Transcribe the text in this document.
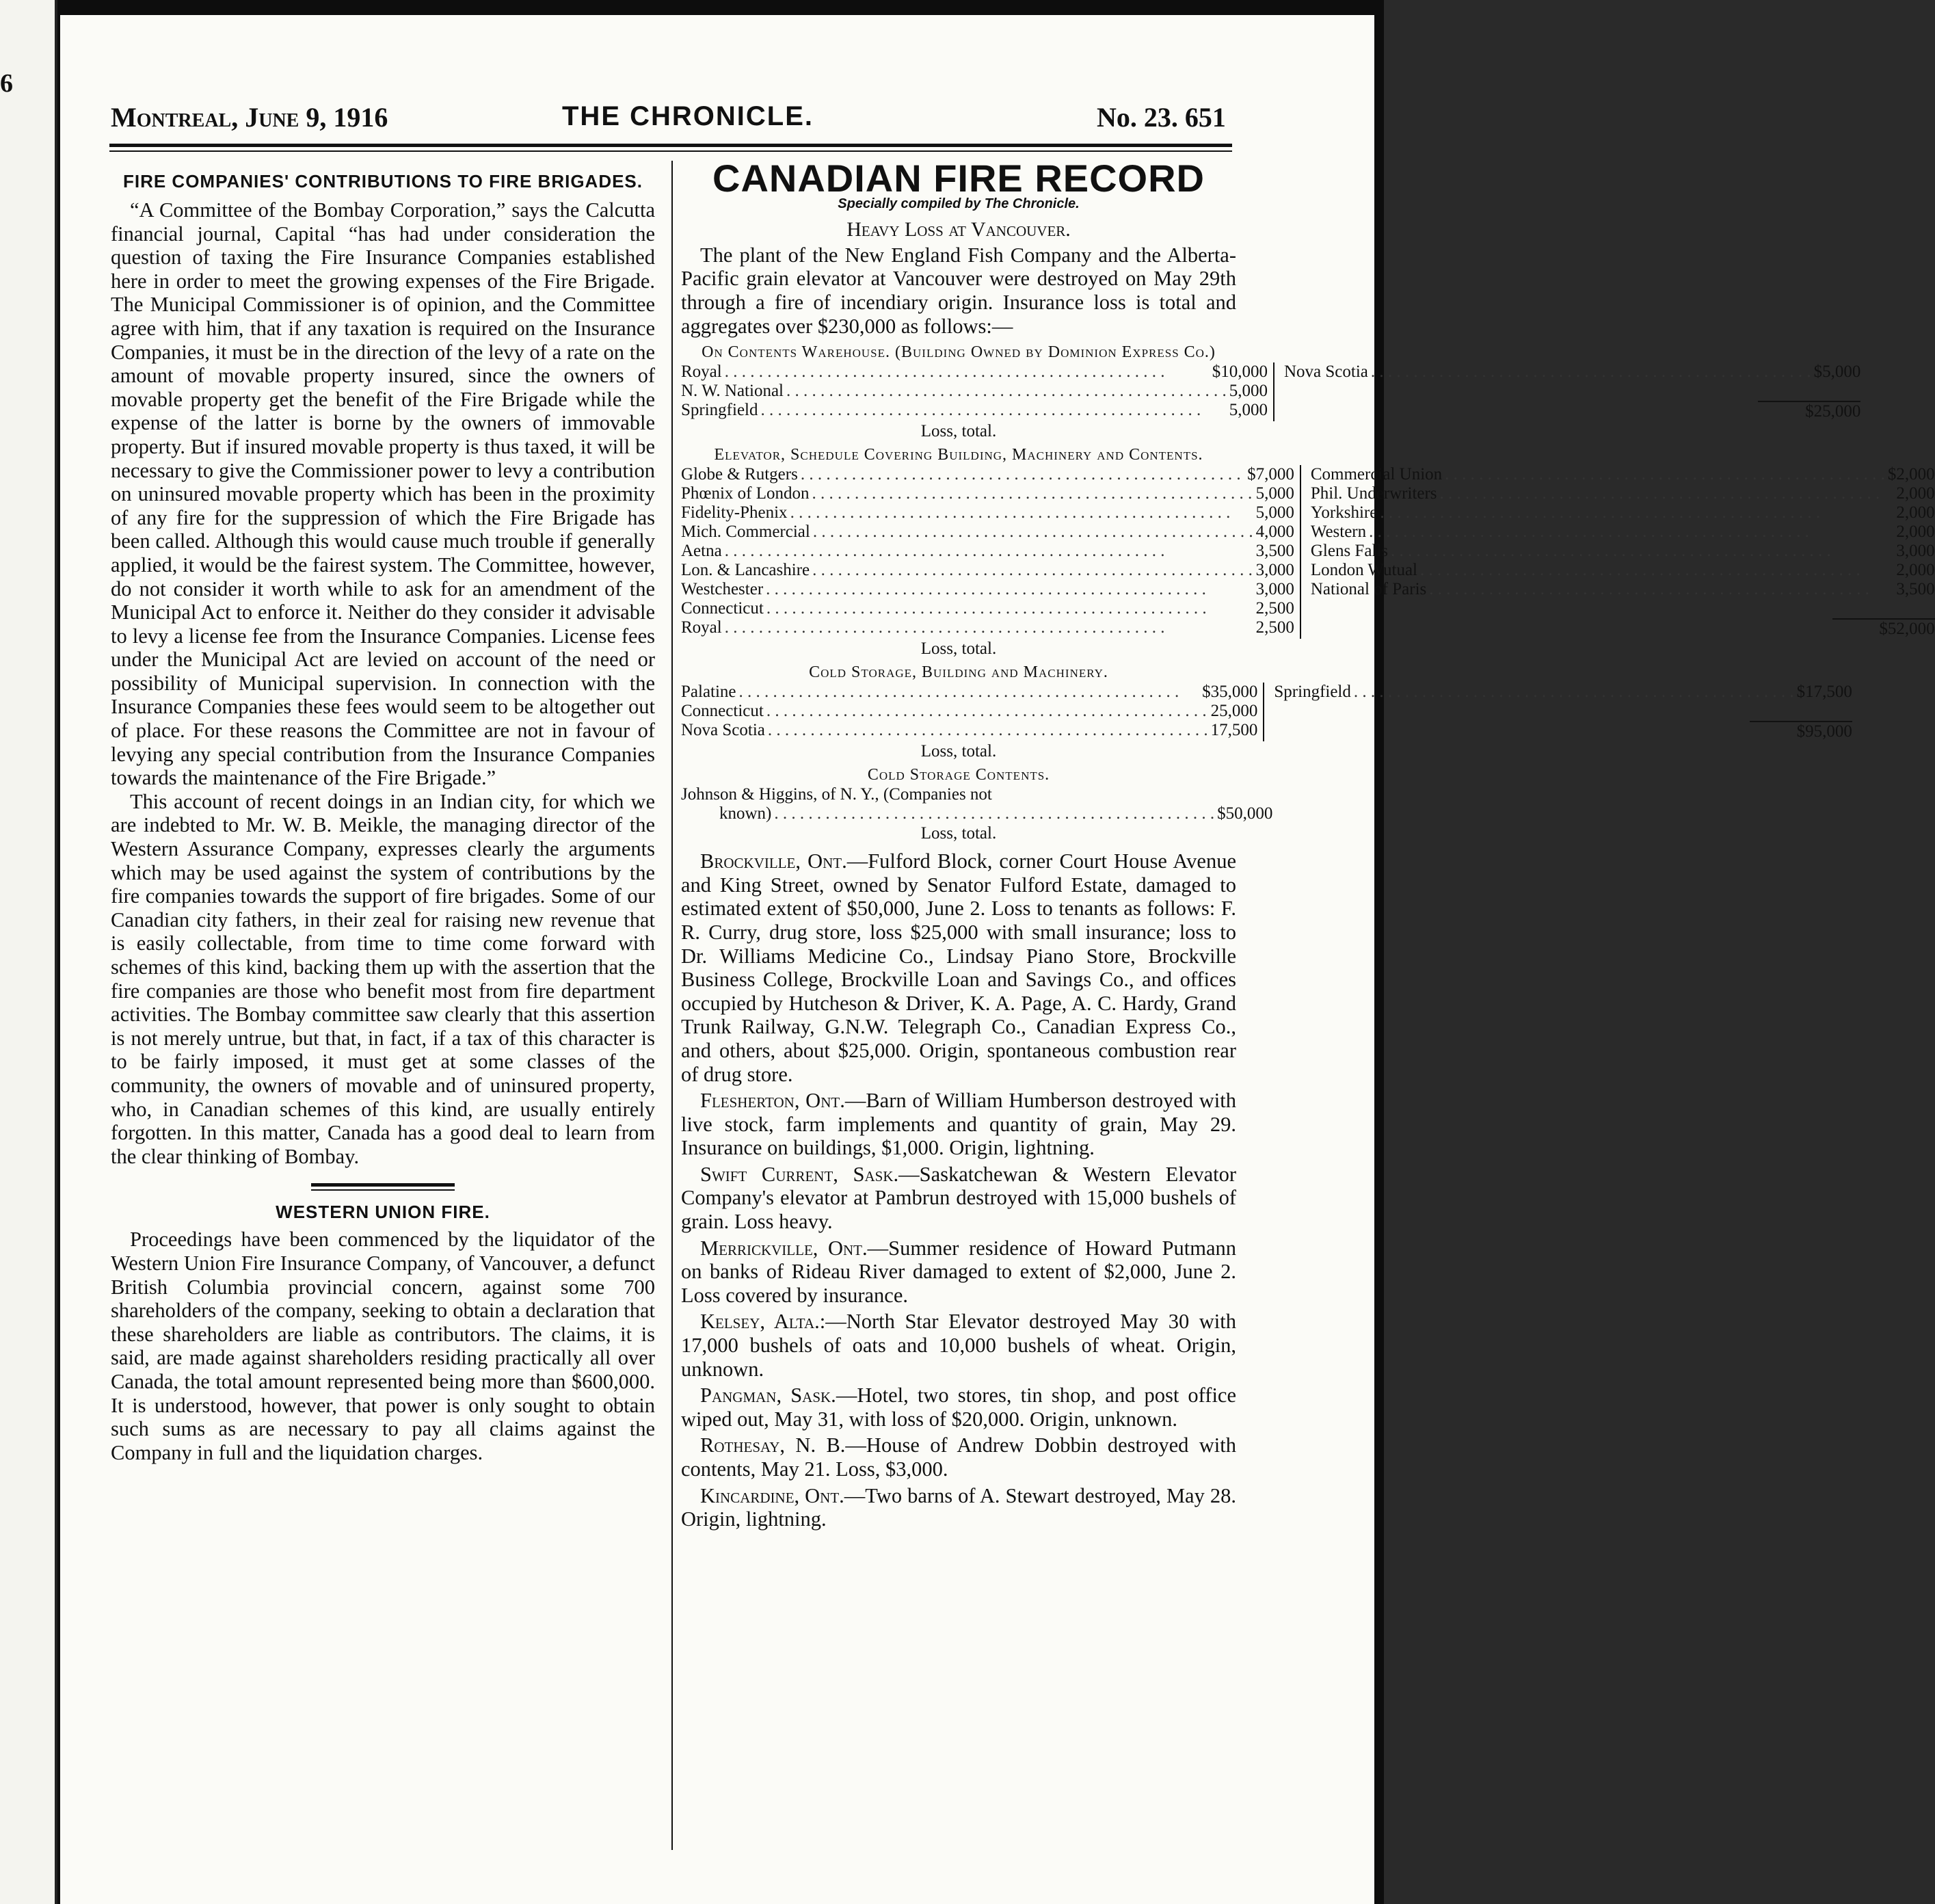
6
Montreal, June 9, 1916	THE CHRONICLE.	No. 23. 651
FIRE COMPANIES' CONTRIBUTIONS TO FIRE BRIGADES.

“A Committee of the Bombay Corporation,” says the Calcutta financial journal, Capital “has had under consideration the question of taxing the Fire Insurance Companies established here in order to meet the growing expenses of the Fire Brigade. The Municipal Commissioner is of opinion, and the Committee agree with him, that if any taxation is required on the Insurance Companies, it must be in the direction of the levy of a rate on the amount of movable property insured, since the owners of movable property get the benefit of the Fire Brigade while the expense of the latter is borne by the owners of immovable property. But if insured movable property is thus taxed, it will be necessary to give the Commissioner power to levy a contribution on uninsured movable property which has been in the proximity of any fire for the suppression of which the Fire Brigade has been called. Although this would cause much trouble if generally applied, it would be the fairest system. The Committee, however, do not consider it worth while to ask for an amendment of the Municipal Act to enforce it. Neither do they consider it advisable to levy a license fee from the Insurance Companies. License fees under the Municipal Act are levied on account of the need or possibility of Municipal supervision. In connection with the Insurance Companies these fees would seem to be altogether out of place. For these reasons the Committee are not in favour of levying any special contribution from the Insurance Companies towards the maintenance of the Fire Brigade.”

This account of recent doings in an Indian city, for which we are indebted to Mr. W. B. Meikle, the managing director of the Western Assurance Company, expresses clearly the arguments which may be used against the system of contributions by the fire companies towards the support of fire brigades. Some of our Canadian city fathers, in their zeal for raising new revenue that is easily collectable, from time to time come forward with schemes of this kind, backing them up with the assertion that the fire companies are those who benefit most from fire department activities. The Bombay committee saw clearly that this assertion is not merely untrue, but that, in fact, if a tax of this character is to be fairly imposed, it must get at some classes of the community, the owners of movable and of uninsured property, who, in Canadian schemes of this kind, are usually entirely forgotten. In this matter, Canada has a good deal to learn from the clear thinking of Bombay.

WESTERN UNION FIRE.

Proceedings have been commenced by the liquidator of the Western Union Fire Insurance Company, of Vancouver, a defunct British Columbia provincial concern, against some 700 shareholders of the company, seeking to obtain a declaration that these shareholders are liable as contributors. The claims, it is said, are made against shareholders residing practically all over Canada, the total amount represented being more than $600,000. It is understood, however, that power is only sought to obtain such sums as are necessary to pay all claims against the Company in full and the liquidation charges.

CANADIAN FIRE RECORD
Specially compiled by The Chronicle.
Heavy Loss at Vancouver.

The plant of the New England Fish Company and the Alberta-Pacific grain elevator at Vancouver were destroyed on May 29th through a fire of incendiary origin. Insurance loss is total and aggregates over $230,000 as follows:—

On Contents Warehouse. (Building Owned by Dominion Express Co.)
Royal . . .	$10,000
N. W. National . . .	5,000
Springfield . . .	5,000
Nova Scotia . . .	$5,000
$25,000
Loss, total.
Elevator, Schedule Covering Building, Machinery and Contents.
Globe & Rutgers . . .	$7,000
Phœnix of London . . .	5,000
Fidelity-Phenix . . .	5,000
Mich. Commercial . . .	4,000
Aetna . . .	3,500
Lon. & Lancashire . . .	3,000
Westchester . . .	3,000
Connecticut . . .	2,500
Royal . . .	2,500
Commercial Union . . .	$2,000
Phil. Underwriters . . .	2,000
Yorkshire . . .	2,000
Western . . .	2,000
Glens Falls . . .	3,000
London Wutual . . .	2,000
National of Paris . . .	3,500
$52,000
Loss, total.
Cold Storage, Building and Machinery.
Palatine . . .	$35,000
Connecticut . . .	25,000
Nova Scotia . . .	17,500
Springfield . . .	$17,500
$95,000
Loss, total.
Cold Storage Contents.
Johnson & Higgins, of N. Y., (Companies not
known) . . .	$50,000
Loss, total.

Brockville, Ont.—Fulford Block, corner Court House Avenue and King Street, owned by Senator Fulford Estate, damaged to estimated extent of $50,000, June 2. Loss to tenants as follows: F. R. Curry, drug store, loss $25,000 with small insurance; loss to Dr. Williams Medicine Co., Lindsay Piano Store, Brockville Business College, Brockville Loan and Savings Co., and offices occupied by Hutcheson & Driver, K. A. Page, A. C. Hardy, Grand Trunk Railway, G.N.W. Telegraph Co., Canadian Express Co., and others, about $25,000. Origin, spontaneous combustion rear of drug store.

Flesherton, Ont.—Barn of William Humberson destroyed with live stock, farm implements and quantity of grain, May 29. Insurance on buildings, $1,000. Origin, lightning.

Swift Current, Sask.—Saskatchewan & Western Elevator Company's elevator at Pambrun destroyed with 15,000 bushels of grain. Loss heavy.

Merrickville, Ont.—Summer residence of Howard Putmann on banks of Rideau River damaged to extent of $2,000, June 2. Loss covered by insurance.

Kelsey, Alta.:—North Star Elevator destroyed May 30 with 17,000 bushels of oats and 10,000 bushels of wheat. Origin, unknown.

Pangman, Sask.—Hotel, two stores, tin shop, and post office wiped out, May 31, with loss of $20,000. Origin, unknown.

Rothesay, N. B.—House of Andrew Dobbin destroyed with contents, May 21. Loss, $3,000.

Kincardine, Ont.—Two barns of A. Stewart destroyed, May 28. Origin, lightning.
